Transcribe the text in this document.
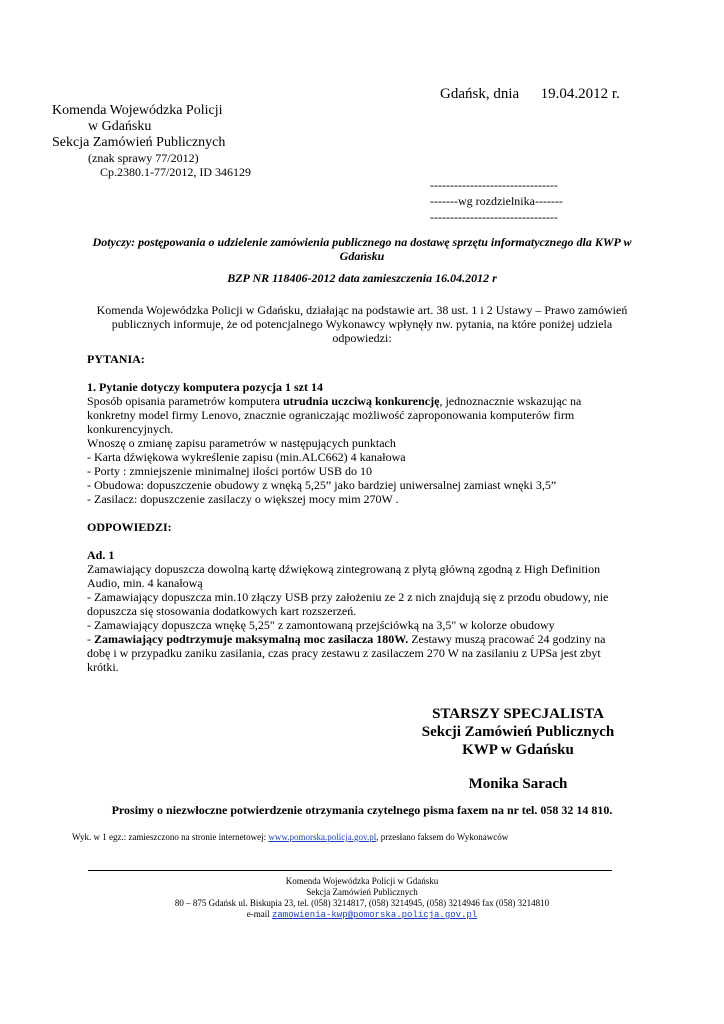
Gdańsk, dnia 19.04.2012 r.

Komenda Wojewódzka Policji

w Gdańsku

Sekcja Zamówień Publicznych

(znak sprawy 77/2012)

Cp.2380.1-77/2012, ID 346129

--------------------------------

-------wg rozdzielnika-------

--------------------------------

Dotyczy: postępowania o udzielenie zamówienia publicznego na dostawę sprzętu informatycznego dla KWP w

Gdańsku

BZP NR 118406-2012 data zamieszczenia 16.04.2012 r

Komenda Wojewódzka Policji w Gdańsku, działając na podstawie art. 38 ust. 1 i 2 Ustawy – Prawo zamówień

publicznych informuje, że od potencjalnego Wykonawcy wpłynęły nw. pytania, na które poniżej udziela

odpowiedzi:

PYTANIA:

1. Pytanie dotyczy komputera pozycja 1 szt 14

Sposób opisania parametrów komputera utrudnia uczciwą konkurencję, jednoznacznie wskazując na

konkretny model firmy Lenovo, znacznie ograniczając możliwość zaproponowania komputerów firm

konkurencyjnych.

Wnoszę o zmianę zapisu parametrów w następujących punktach

- Karta dźwiękowa wykreślenie zapisu (min.ALC662) 4 kanałowa

- Porty : zmniejszenie minimalnej ilości portów USB do 10

- Obudowa: dopuszczenie obudowy z wnęką 5,25” jako bardziej uniwersalnej zamiast wnęki 3,5”

- Zasilacz: dopuszczenie zasilaczy o większej mocy mim 270W .

ODPOWIEDZI:

Ad. 1

Zamawiający dopuszcza dowolną kartę dźwiękową zintegrowaną z płytą główną zgodną z High Definition

Audio, min. 4 kanałową

- Zamawiający dopuszcza min.10 złączy USB przy założeniu ze 2 z nich znajdują się z przodu obudowy, nie

dopuszcza się stosowania dodatkowych kart rozszerzeń.

- Zamawiający dopuszcza wnękę 5,25" z zamontowaną przejściówką na 3,5" w kolorze obudowy

- Zamawiający podtrzymuje maksymalną moc zasilacza 180W. Zestawy muszą pracować 24 godziny na

dobę i w przypadku zaniku zasilania, czas pracy zestawu z zasilaczem 270 W na zasilaniu z UPSa jest zbyt

krótki.

STARSZY SPECJALISTA

Sekcji Zamówień Publicznych

KWP w Gdańsku

Monika Sarach

Prosimy o niezwłoczne potwierdzenie otrzymania czytelnego pisma faxem na nr tel. 058 32 14 810.
Wyk. w 1 egz.: zamieszczono na stronie internetowej: www.pomorska.policja.gov.pl, przesłano faksem do Wykonawców

Komenda Wojewódzka Policji w Gdańsku

Sekcja Zamówień Publicznych

80 – 875 Gdańsk ul. Biskupia 23, tel. (058) 3214817, (058) 3214945, (058) 3214946 fax (058) 3214810

e-mail zamowienia-kwp@pomorska.policja.gov.pl
